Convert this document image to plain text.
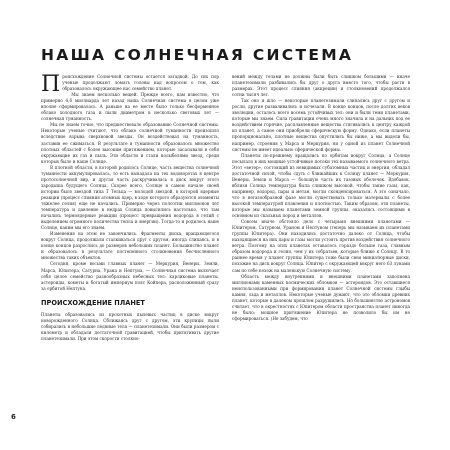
НАША СОЛНЕЧНАЯ СИСТЕМА

Происхождение Солнечной системы остается загадкой. До сих пор ученые продолжают ломать головы над вопросом о том, как образовалось окружающее нас семейство планет.

Мы знаем несколько вещей. Прежде всего, нам известно, что примерно 4,6 миллиарда лет назад наша Солнечная система в целом уже вполне сформировалась. А раньше на ее месте было только бесформенное облако холодного газа и пыли диаметром в несколько световых лет — солнечная туманность.

Мы не знаем точно, что предшествовало образованию Солнечной системы. Некоторые ученые считают, что облако солнечной туманности произошло вследствие взрыва сверхновой звезды. Он воздействовал на туманность, заставив ее сжиматься. В результате в туманности образовалось множество плотных областей с более высоким притяжением, которые засасывали в себя окружающие их газ и пыль. Эти области и стали колыбелями звезд, среди которых было и наше Солнце.

В плотной области, в которой родилось Солнце, часть вещества солнечной туманности аккумулировалась, то есть выпадала на тех водоворотах в центре протосолнечной вир, и другая часть раскручивалась в диск вокруг этого зародыша будущего Солнца. Скорее всего, Солнце в самом начале своей истории было звездой типа T Тельца — молодой звездой, в которой ядерные реакции (процесс слияния атомных ядер, в ходе которого образуются элементы тяжелее гелия) еще не начались. Примерно через полсотни миллионов лет температура и давление в недрах Солнца повысились настолько, что там начались термоядерные реакции (процесс превращения водорода в гелий с выделением огромного количества тепла и энергии). Тогда-то и родилось наше Солнце, каким мы его знаем.

Изменения на этом не закончились. Фрагменты диска, вращающегося вокруг Солнца, продолжали сталкиваться друг с другом, иногда слипаясь, и в конце концов разрослись до размеров небольших планет. Большинство планет и образовалось в результате постепенного столкновения бесчисленного множества таких объектов.

Сегодня, кроме восьми главных планет — Меркурия, Венеры, Земли, Марса, Юпитера, Сатурна, Урана и Нептуна, — Солнечная система включает себя целое семейство разнообразных небесных тел: карликовые планеты, астероиды, кометы и богатый империум пояс Койпера, расположенный сразу за орбитой Нептуна.

ПРОИСХОЖДЕНИЕ ПЛАНЕТ

Планеты образовались из крохотных пылевых частиц в диске вокруг новорожденного Солнца. Сближаясь друг с другом, эти крупицы пыли собирались в небольшие ледяные тела — планетезимали. Они были размером с километр и обладали достаточной гравитацией, чтобы притягивать другие планетезимали. При этом скорости столкно-

вений между телами не должны были быть слишком большими — иначе планетезимали разбивались бы друг о друга вместо того, чтобы расти в размерах. Этот процесс слияния (аккреции) и столкновений продолжался сотни тысяч лет.

Так оно и шло — некоторые планетезимали слипались друг с другом и росли, другие разваливались и исчезали. В конце концов, после долгих веков эволюции, осталось всего восемь устойчивых тел: они и были теми планетами, которые мы знаем. Сила гравитации очень много значила и на дальних под ее воздействием горячие, расплавленные вещества стягивались к центру каждой из планет, а самое они приобрели сферическую форму. Однако, если планеты пропорционально, плотные вещества опустились бы ниже, а мы видели бы, например, строения у Марса и Меркурия, ни у одной из планет Солнечной системы не имеет идеально сферической формы.

Планеты по-прежнему вращались по орбитам вокруг Солнца, а Солнце посылало в них мощные устойчивые потоки тех называемого солнечного ветра. Этот «ветер», состоящий из невидимых субатомных частиц и энергии, обладал достаточной силой, чтобы сдуть с ближайших к Солнцу планет — Меркурия, Венеры, Земли и Марса — большую часть их газовых оболочек. Вдобавок, вблизи Солнца температура была слишком высокой, чтобы такие газы, как, например, водород, пары и метан, могли сконденсироваться. А это означало, что в негазообразной фазе могли существовать только материалы с более высокой температурой плавления и плотностью. Таким образом, эти планеты, которые мы называем планетами земной группы, оказались состоящими в основном из скальных пород и металлов.

Совсем иначе обстояло дело с четырьмя внешними планетами — Юпитером, Сатурном, Ураном и Нептуном (теперь мы называем их планетами группы Юпитера). Они находились достаточно далеко от Солнца, чтобы находящиеся на них пары и газы могли устоять против воздействия солнечного ветра. Поэтому на этих планетах оставалось гораздо больше газа, главным образом водорода и гелия, чем у их собратьев, которые ближе к Солнцу. В то раннее время у планет группы Юпитера тоже были свои миниатюрные диски, похожие на диск вокруг Солнца. Юпитер с окружающей вокруг него 63 лунами сам по себе похож на маленькую Солнечную систему.

Область между внутренними и внешними планетами заполнена миллионами каменных космических обломков — астероидов. Это оставшиеся неиспользованными при формировании планет Солнечной системы глыбы камня, льда и металлов. Некоторые ученые думают, что это обломки древних планет, которые в далеком прошлом разрушились. Но большинство астрономов считает, что в окрестностях с Юпитером области пространства планет никогда не было: мощное притяжение Юпитера не позволило бы им не сформироваться. (Не забудем, что

6
